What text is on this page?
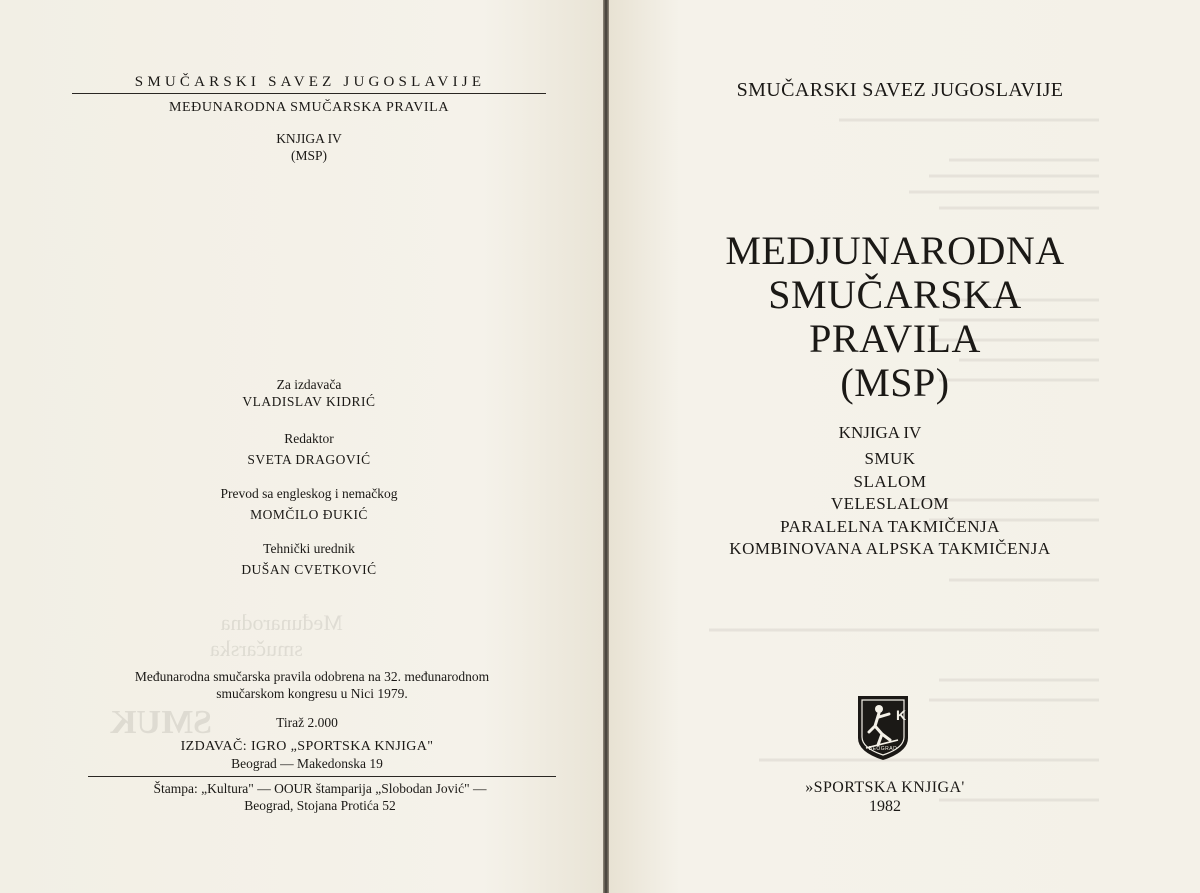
Međunarodna
smučarska
SMUK
SMUČARSKI SAVEZ JUGOSLAVIJE
MEĐUNARODNA SMUČARSKA PRAVILA
KNJIGA IV
(MSP)
Za izdavača
VLADISLAV KIDRIĆ
Redaktor
SVETA DRAGOVIĆ
Prevod sa engleskog i nemačkog
MOMČILO ĐUKIĆ
Tehnički urednik
DUŠAN CVETKOVIĆ
Međunarodna smučarska pravila odobrena na 32. međunarodnom
smučarskom kongresu u Nici 1979.
Tiraž 2.000
IZDAVAČ: IGRO „SPORTSKA KNJIGA"
Beograd — Makedonska 19
Štampa: „Kultura" — OOUR štamparija „Slobodan Jović" —
Beograd, Stojana Protića 52
SMUČARSKI SAVEZ JUGOSLAVIJE
MEDJUNARODNA
SMUČARSKA
PRAVILA
(MSP)
KNJIGA IV
SMUK
SLALOM
VELESLALOM
PARALELNA TAKMIČENJA
KOMBINOVANA ALPSKA TAKMIČENJA
K
BEOGRAD
»SPORTSKA KNJIGA'
1982
